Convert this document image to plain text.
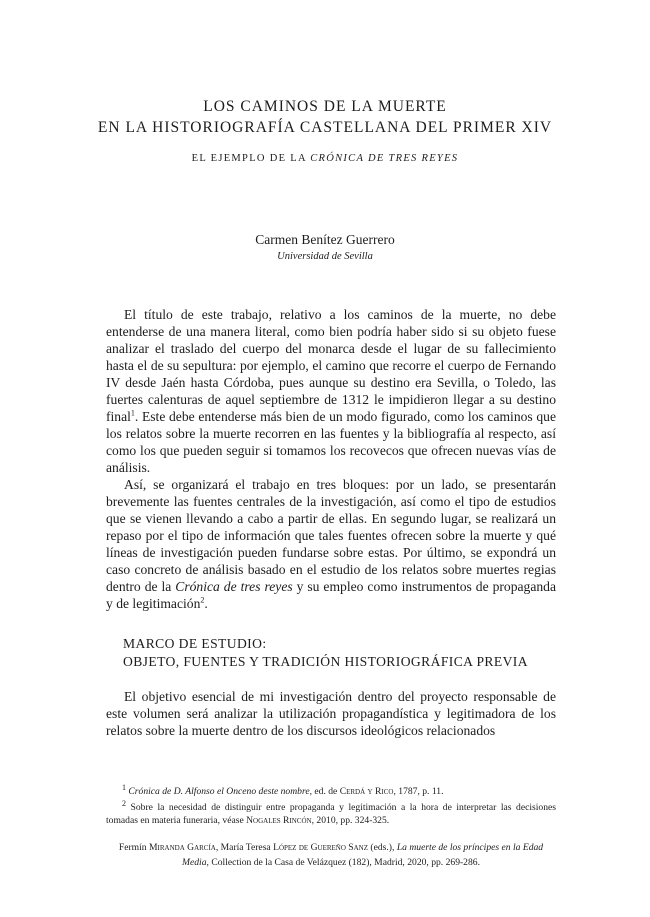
LOS CAMINOS DE LA MUERTE
EN LA HISTORIOGRAFÍA CASTELLANA DEL PRIMER XIV
EL EJEMPLO DE LA CRÓNICA DE TRES REYES
Carmen Benítez Guerrero
Universidad de Sevilla

El título de este trabajo, relativo a los caminos de la muerte, no debe entenderse de una manera literal, como bien podría haber sido si su objeto fuese analizar el traslado del cuerpo del monarca desde el lugar de su fallecimiento hasta el de su sepultura: por ejemplo, el camino que recorre el cuerpo de Fernando IV desde Jaén hasta Córdoba, pues aunque su destino era Sevilla, o Toledo, las fuertes calenturas de aquel septiembre de 1312 le impidieron llegar a su destino final$^1$. Este debe entenderse más bien de un modo figurado, como los caminos que los relatos sobre la muerte recorren en las fuentes y la bibliografía al respecto, así como los que pueden seguir si tomamos los recovecos que ofrecen nuevas vías de análisis.

Así, se organizará el trabajo en tres bloques: por un lado, se presentarán brevemente las fuentes centrales de la investigación, así como el tipo de estudios que se vienen llevando a cabo a partir de ellas. En segundo lugar, se realizará un repaso por el tipo de información que tales fuentes ofrecen sobre la muerte y qué líneas de investigación pueden fundarse sobre estas. Por último, se expondrá un caso concreto de análisis basado en el estudio de los relatos sobre muertes regias dentro de la Crónica de tres reyes y su empleo como instrumentos de propaganda y de legitimación$^2$.

MARCO DE ESTUDIO:
OBJETO, FUENTES Y TRADICIÓN HISTORIOGRÁFICA PREVIA

El objetivo esencial de mi investigación dentro del proyecto responsable de este volumen será analizar la utilización propagandística y legitimadora de los relatos sobre la muerte dentro de los discursos ideológicos relacionados

$^1$ Crónica de D. Alfonso el Onceno deste nombre, ed. de Cerdá y Rico, 1787, p. 11.

$^2$ Sobre la necesidad de distinguir entre propaganda y legitimación a la hora de interpretar las decisiones tomadas en materia funeraria, véase Nogales Rincón, 2010, pp. 324-325.

Fermín Miranda García, María Teresa López de Guereño Sanz (eds.), La muerte de los príncipes en la Edad Media, Collection de la Casa de Velázquez (182), Madrid, 2020, pp. 269-286.
